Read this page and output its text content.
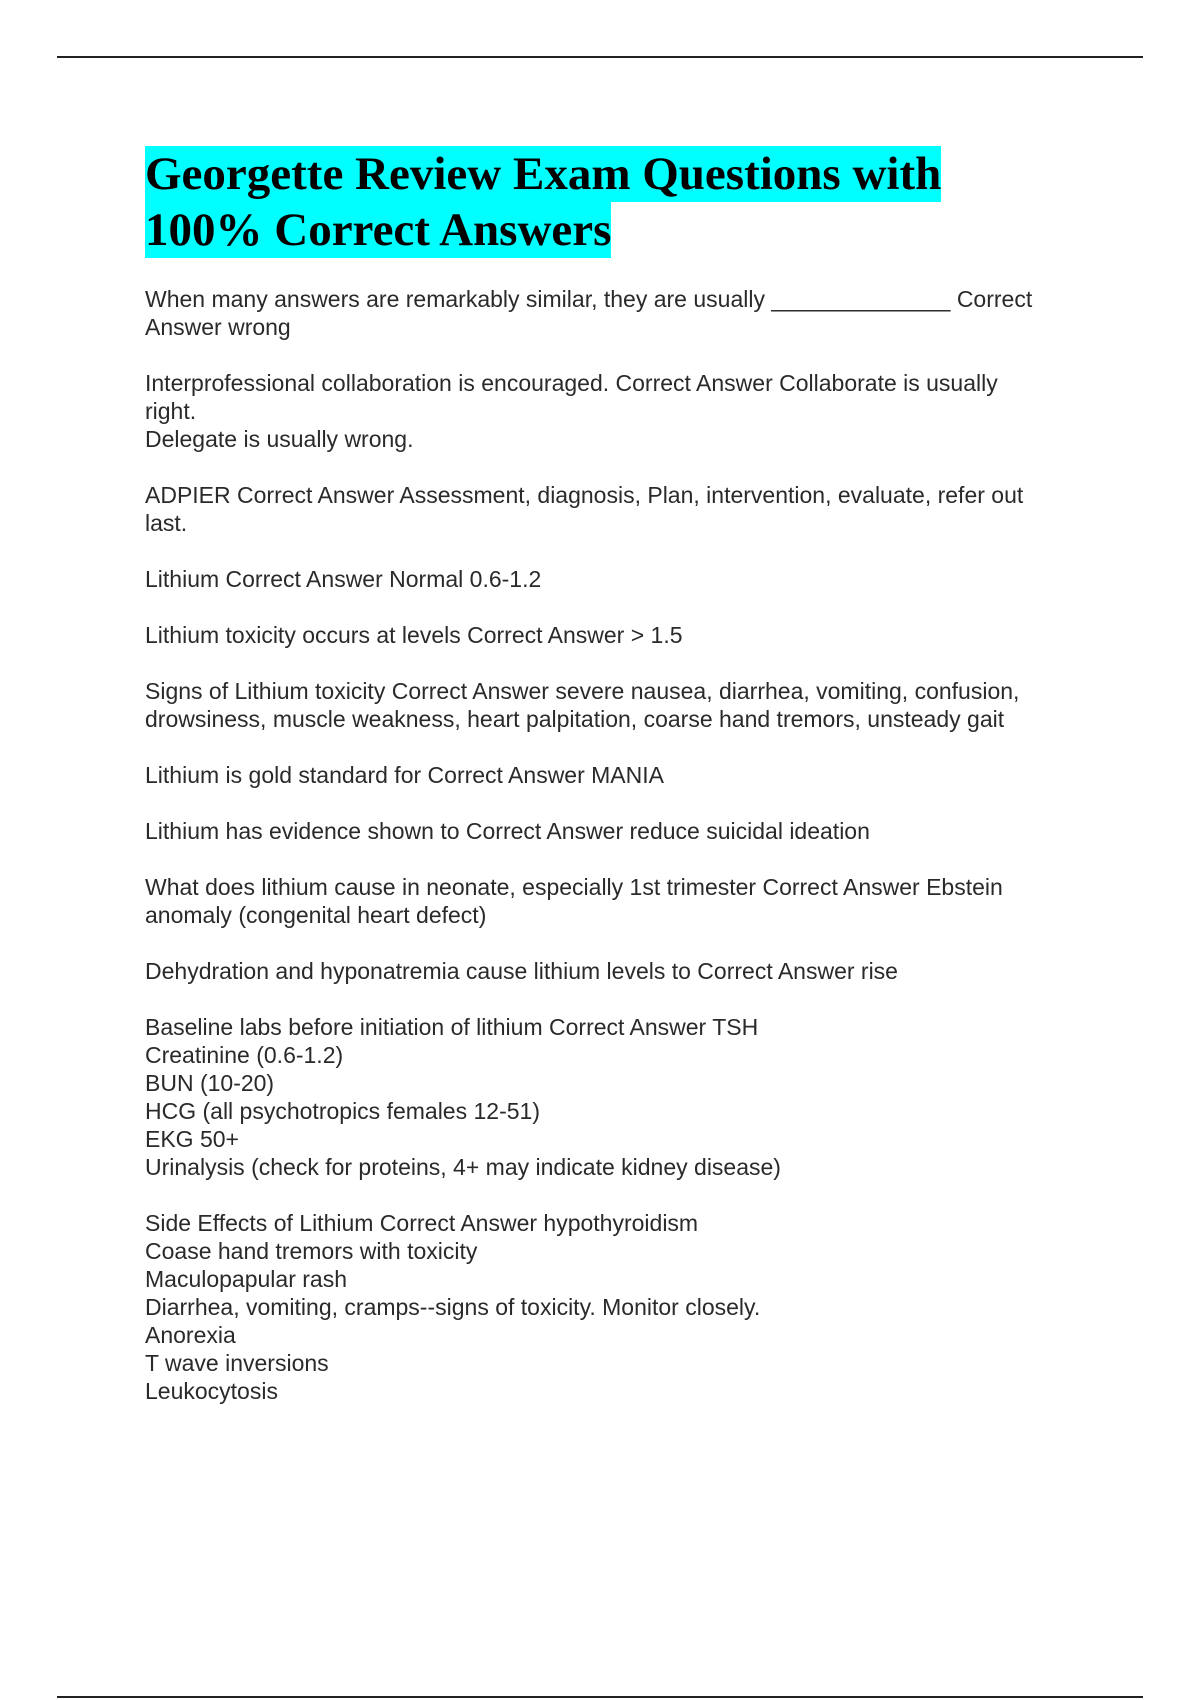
Georgette Review Exam Questions with
100% Correct Answers

When many answers are remarkably similar, they are usually ______________ Correct
Answer wrong

Interprofessional collaboration is encouraged. Correct Answer Collaborate is usually
right.
Delegate is usually wrong.

ADPIER Correct Answer Assessment, diagnosis, Plan, intervention, evaluate, refer out
last.

Lithium Correct Answer Normal 0.6-1.2

Lithium toxicity occurs at levels Correct Answer > 1.5

Signs of Lithium toxicity Correct Answer severe nausea, diarrhea, vomiting, confusion,
drowsiness, muscle weakness, heart palpitation, coarse hand tremors, unsteady gait

Lithium is gold standard for Correct Answer MANIA

Lithium has evidence shown to Correct Answer reduce suicidal ideation

What does lithium cause in neonate, especially 1st trimester Correct Answer Ebstein
anomaly (congenital heart defect)

Dehydration and hyponatremia cause lithium levels to Correct Answer rise

Baseline labs before initiation of lithium Correct Answer TSH
Creatinine (0.6-1.2)
BUN (10-20)
HCG (all psychotropics females 12-51)
EKG 50+
Urinalysis (check for proteins, 4+ may indicate kidney disease)

Side Effects of Lithium Correct Answer hypothyroidism
Coase hand tremors with toxicity
Maculopapular rash
Diarrhea, vomiting, cramps--signs of toxicity. Monitor closely.
Anorexia
T wave inversions
Leukocytosis
